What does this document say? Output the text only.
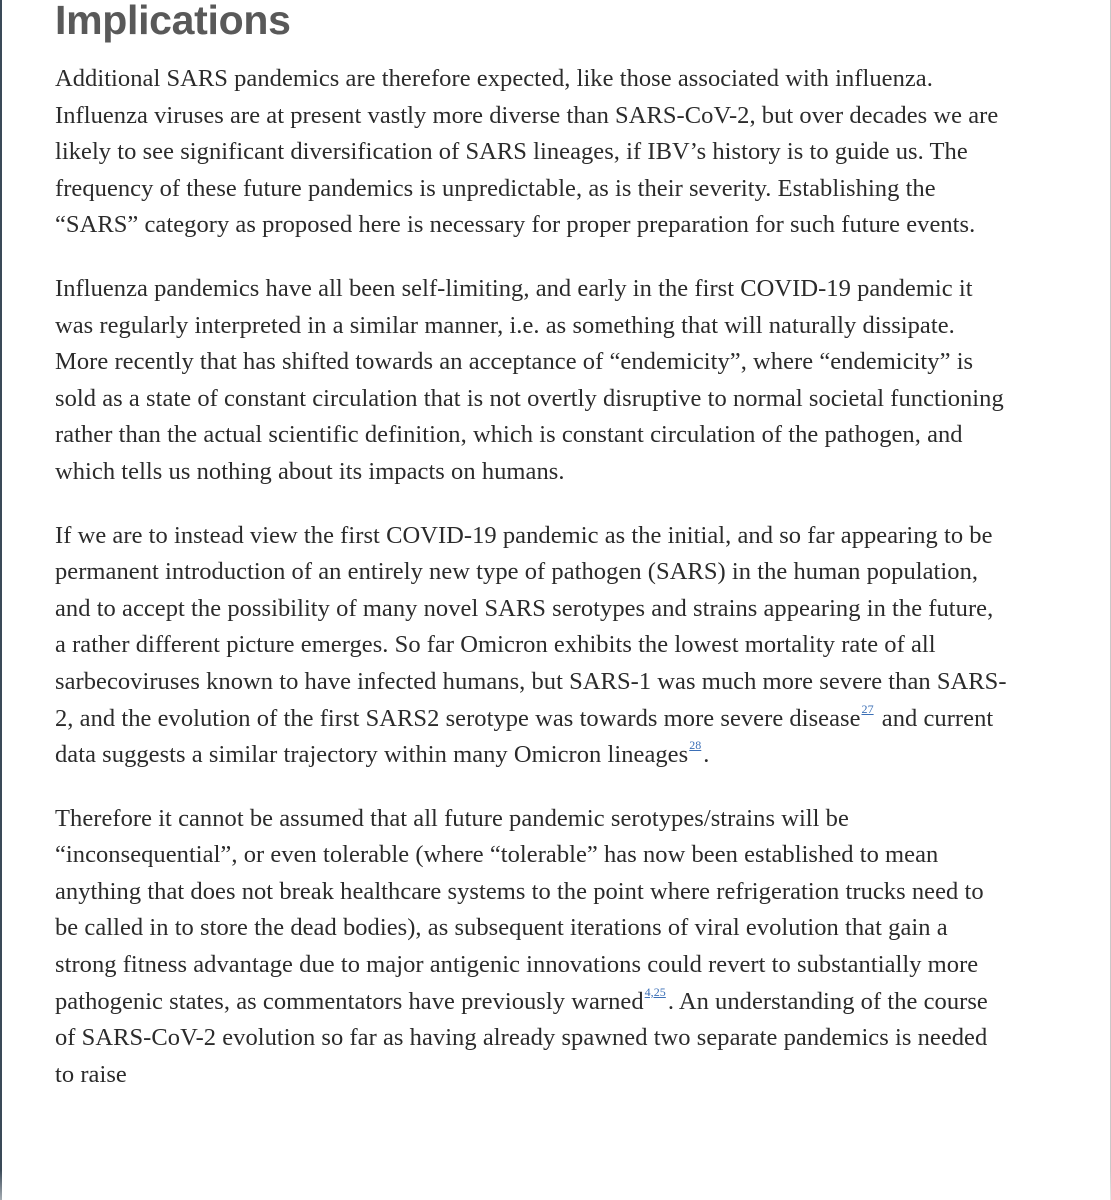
Implications

Additional SARS pandemics are therefore expected, like those associated with influenza. Influenza viruses are at present vastly more diverse than SARS-CoV-2, but over decades we are likely to see significant diversification of SARS lineages, if IBV’s history is to guide us. The frequency of these future pandemics is unpredictable, as is their severity. Establishing the “SARS” category as proposed here is necessary for proper preparation for such future events.

Influenza pandemics have all been self-limiting, and early in the first COVID-19 pandemic it was regularly interpreted in a similar manner, i.e. as something that will naturally dissipate. More recently that has shifted towards an acceptance of “endemicity”, where “endemicity” is sold as a state of constant circulation that is not overtly disruptive to normal societal functioning rather than the actual scientific definition, which is constant circulation of the pathogen, and which tells us nothing about its impacts on humans.

If we are to instead view the first COVID-19 pandemic as the initial, and so far appearing to be permanent introduction of an entirely new type of pathogen (SARS) in the human population, and to accept the possibility of many novel SARS serotypes and strains appearing in the future, a rather different picture emerges. So far Omicron exhibits the lowest mortality rate of all sarbecoviruses known to have infected humans, but SARS-1 was much more severe than SARS-2, and the evolution of the first SARS2 serotype was towards more severe disease$^{27}$ and current data suggests a similar trajectory within many Omicron lineages$^{28}$.

Therefore it cannot be assumed that all future pandemic serotypes/strains will be “inconsequential”, or even tolerable (where “tolerable” has now been established to mean anything that does not break healthcare systems to the point where refrigeration trucks need to be called in to store the dead bodies), as subsequent iterations of viral evolution that gain a strong fitness advantage due to major antigenic innovations could revert to substantially more pathogenic states, as commentators have previously warned$^{4,25}$. An understanding of the course of SARS-CoV-2 evolution so far as having already spawned two separate pandemics is needed to raise
